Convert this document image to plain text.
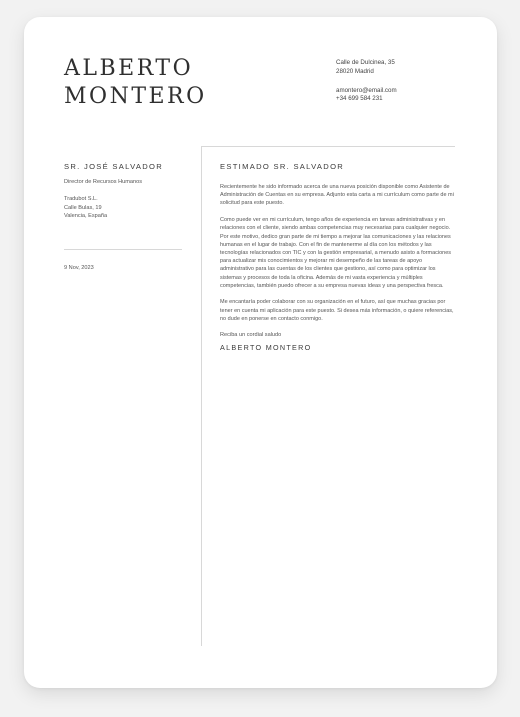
ALBERTO
MONTERO
Calle de Dulcinea, 35
28020 Madrid
amontero@email.com
+34 699 584 231
SR. JOSÉ SALVADOR
Director de Recursos Humanos
Tradubot S.L.
Calle Bulas, 19
Valencia, España
9 Nov, 2023
ESTIMADO SR. SALVADOR

Recientemente he sido informado acerca de una nueva posición disponible como Asistente de Administración de Cuentas en su empresa. Adjunto esta carta a mi currículum como parte de mi solicitud para este puesto.

Como puede ver en mi currículum, tengo años de experiencia en tareas administrativas y en relaciones con el cliente, siendo ambas competencias muy necesarias para cualquier negocio. Por este motivo, dedico gran parte de mi tiempo a mejorar las comunicaciones y las relaciones humanas en el lugar de trabajo. Con el fin de mantenerme al día con los métodos y las tecnologías relacionados con TIC y con la gestión empresarial, a menudo asisto a formaciones para actualizar mis conocimientos y mejorar mi desempeño de las tareas de apoyo administrativo para las cuentas de los clientes que gestiono, así como para optimizar los sistemas y procesos de toda la oficina. Además de mi vasta experiencia y múltiples competencias, también puedo ofrecer a su empresa nuevas ideas y una perspectiva fresca.

Me encantaría poder colaborar con su organización en el futuro, así que muchas gracias por tener en cuenta mi aplicación para este puesto. Si desea más información, o quiere referencias, no dude en ponerse en contacto conmigo.

Reciba un cordial saludo
ALBERTO MONTERO
